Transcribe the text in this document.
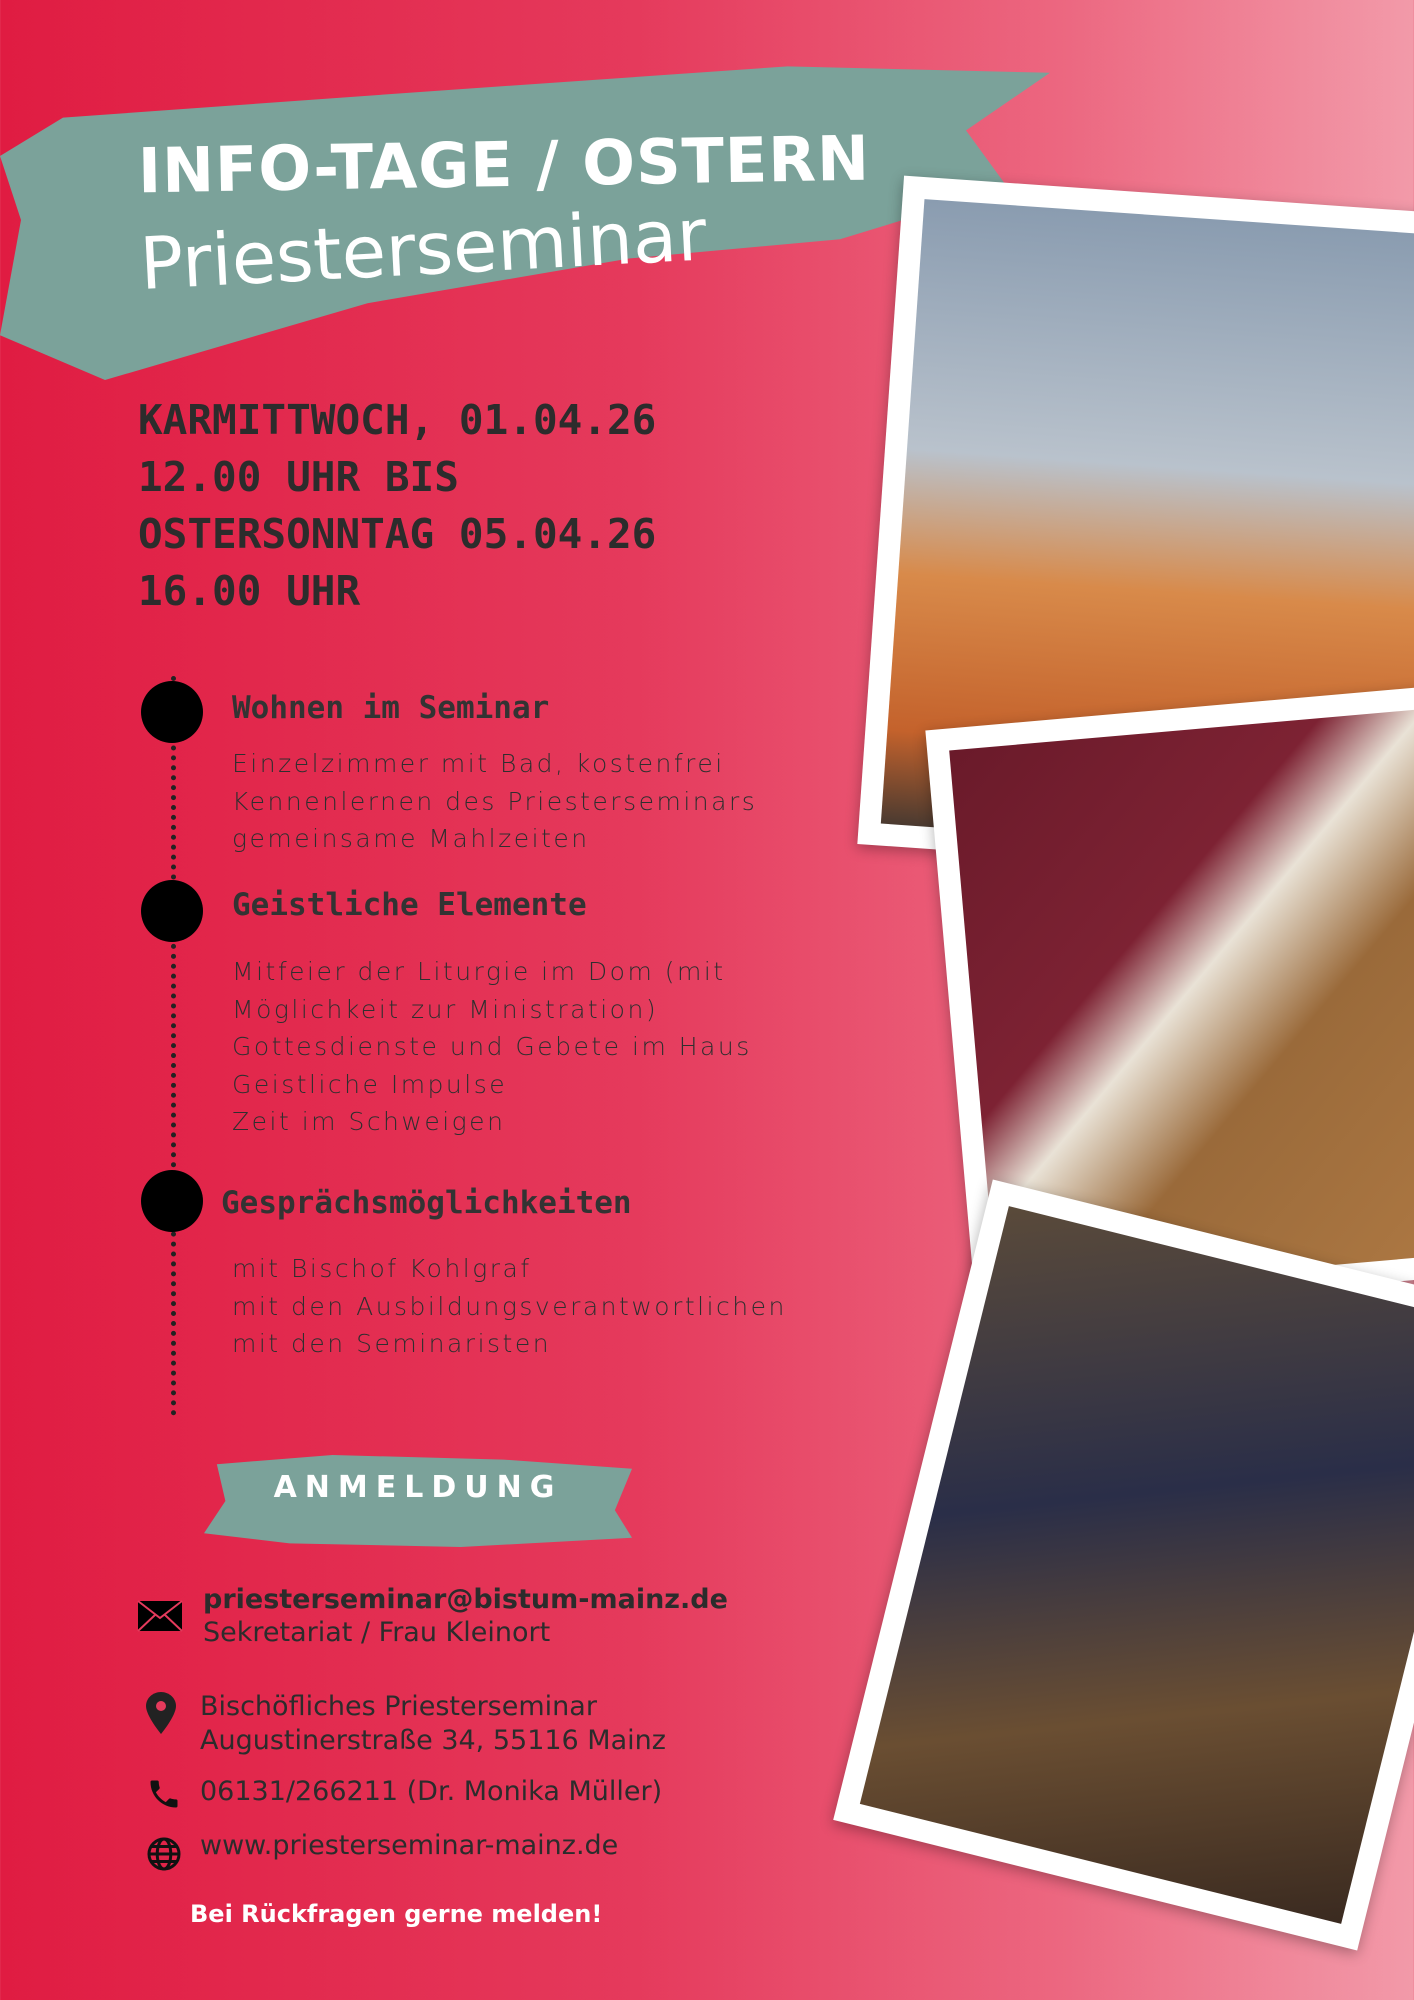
INFO-TAGE / OSTERN
Priesterseminar
KARMITTWOCH, 01.04.26
12.00 UHR BIS
OSTERSONNTAG 05.04.26
16.00 UHR
Wohnen im Seminar
Einzelzimmer mit Bad, kostenfrei
Kennenlernen des Priesterseminars
gemeinsame Mahlzeiten
Geistliche Elemente
Mitfeier der Liturgie im Dom (mit
Möglichkeit zur Ministration)
Gottesdienste und Gebete im Haus
Geistliche Impulse
Zeit im Schweigen
Gesprächsmöglichkeiten
mit Bischof Kohlgraf
mit den Ausbildungsverantwortlichen
mit den Seminaristen
ANMELDUNG
priesterseminar@bistum-mainz.de
Sekretariat / Frau Kleinort
Bischöfliches Priesterseminar
Augustinerstraße 34, 55116 Mainz
06131/266211 (Dr. Monika Müller)
www.priesterseminar-mainz.de
Bei Rückfragen gerne melden!
